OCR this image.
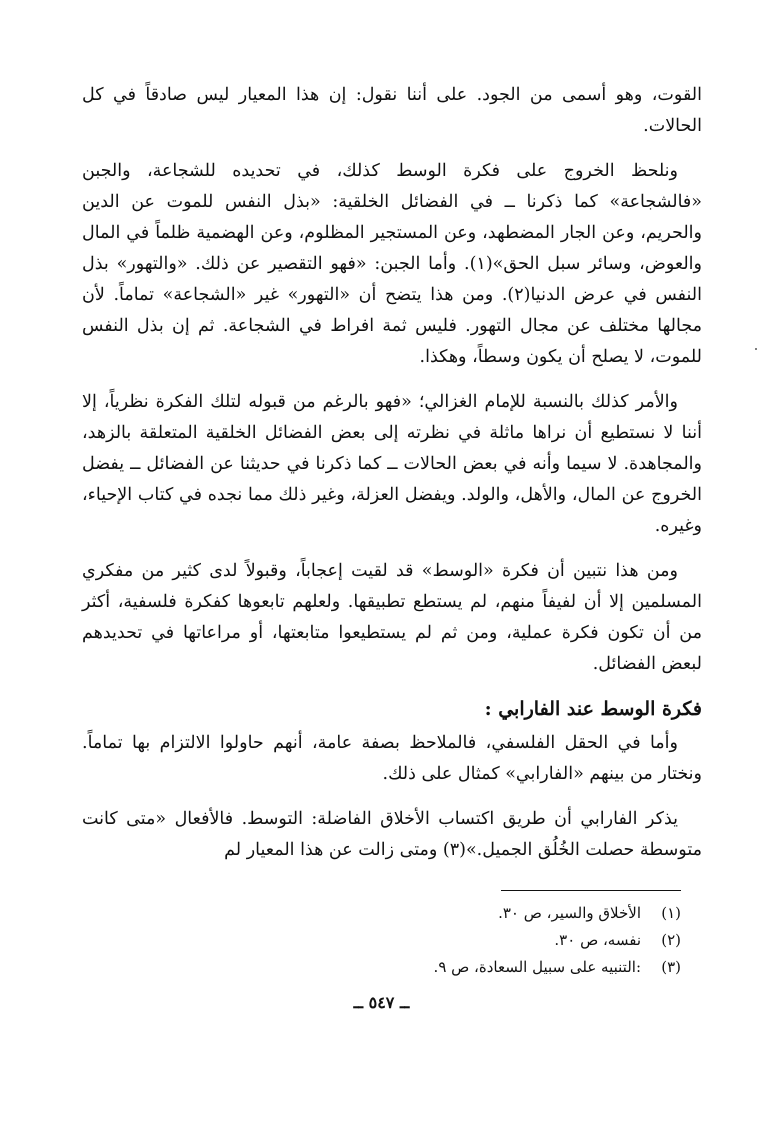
القوت، وهو أسمى من الجود. على أننا نقول: إن هذا المعيار ليس صادقاً في كل الحالات.

ونلحظ الخروج على فكرة الوسط كذلك، في تحديده للشجاعة، والجبن «فالشجاعة» كما ذكرنا ــ في الفضائل الخلقية: «بذل النفس للموت عن الدين والحريم، وعن الجار المضطهد، وعن المستجير المظلوم، وعن الهضمية ظلماً في المال والعوض، وسائر سبل الحق»(١). وأما الجبن: «فهو التقصير عن ذلك. «والتهور» بذل النفس في عرض الدنيا(٢). ومن هذا يتضح أن «التهور» غير «الشجاعة» تماماً. لأن مجالها مختلف عن مجال التهور. فليس ثمة افراط في الشجاعة. ثم إن بذل النفس للموت، لا يصلح أن يكون وسطاً، وهكذا.

والأمر كذلك بالنسبة للإمام الغزالي؛ «فهو بالرغم من قبوله لتلك الفكرة نظرياً، إلا أننا لا نستطيع أن نراها ماثلة في نظرته إلى بعض الفضائل الخلقية المتعلقة بالزهد، والمجاهدة. لا سيما وأنه في بعض الحالات ــ كما ذكرنا في حديثنا عن الفضائل ــ يفضل الخروج عن المال، والأهل، والولد. ويفضل العزلة، وغير ذلك مما نجده في كتاب الإحياء، وغيره.

ومن هذا نتبين أن فكرة «الوسط» قد لقيت إعجاباً، وقبولاً لدى كثير من مفكري المسلمين إلا أن لفيفاً منهم، لم يستطع تطبيقها. ولعلهم تابعوها كفكرة فلسفية، أكثر من أن تكون فكرة عملية، ومن ثم لم يستطيعوا متابعتها، أو مراعاتها في تحديدهم لبعض الفضائل.

فكرة الوسط عند الفارابي :

وأما في الحقل الفلسفي، فالملاحظ بصفة عامة، أنهم حاولوا الالتزام بها تماماً. ونختار من بينهم «الفارابي» كمثال على ذلك.

يذكر الفارابي أن طريق اكتساب الأخلاق الفاضلة: التوسط. فالأفعال «متى كانت متوسطة حصلت الخُلُق الجميل.»(٣) ومتى زالت عن هذا المعيار لم

(١)
الأخلاق والسير، ص ٣٠.
(٢)
نفسه، ص ٣٠.
(٣)
:التنبيه على سبيل السعادة، ص ٩.
ــ ٥٤٧ ــ
